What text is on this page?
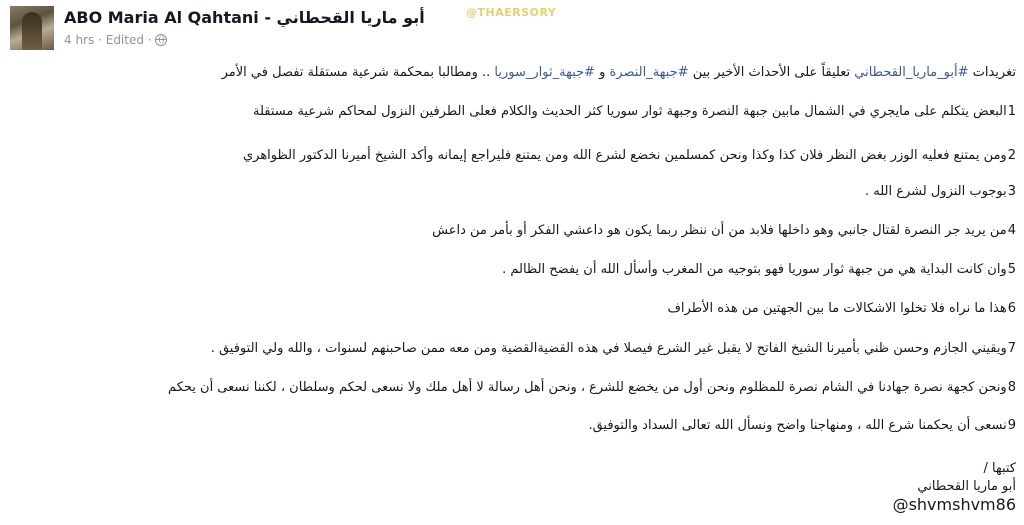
ABO Maria Al Qahtani - أبو ماريا القحطاني
4 hrs · Edited ·
@THAERSORY
تغريدات #أبو_ماريا_القحطاني تعليقاً على الأحداث الأخير بين #جبهة_النصرة و #جبهة_ثوار_سوريا .. ومطالبا بمحكمة شرعية مستقلة تفصل في الأمر
1البعض يتكلم على مايجري في الشمال مابين جبهة النصرة وجبهة ثوار سوريا كثر الحديث والكلام فعلى الطرفين النزول لمحاكم شرعية مستقلة
2ومن يمتنع فعليه الوزر بغض النظر فلان كذا وكذا ونحن كمسلمين نخضع لشرع الله ومن يمتنع فليراجع إيمانه وأكد الشيخ أميرنا الدكتور الظواهري
3بوجوب النزول لشرع الله .
4من يريد جر النصرة لقتال جانبي وهو داخلها فلابد من أن ننظر ربما يكون هو داعشي الفكر أو بأمر من داعش
5وان كانت البداية هي من جبهة ثوار سوريا فهو بتوجيه من المغرب وأسأل الله أن يفضح الظالم .
6هذا ما نراه فلا تخلوا الاشكالات ما بين الجهتين من هذه الأطراف
7ويقيني الجازم وحسن ظني بأميرنا الشيخ الفاتح لا يقبل غير الشرع فيصلا في هذه القضيةالقضية ومن معه ممن صاحبنهم لسنوات ، والله ولي التوفيق .
8ونحن كجهة نصرة جهادنا في الشام نصرة للمظلوم ونحن أول من يخضع للشرع ، ونحن أهل رسالة لا أهل ملك ولا نسعى لحكم وسلطان ، لكننا نسعى أن يحكم
9نسعى أن يحكمنا شرع الله ، ومنهاجنا واضح ونسأل الله تعالى السداد والتوفيق.
كتبها /
أبو ماريا القحطاني
@shvmshvm86
